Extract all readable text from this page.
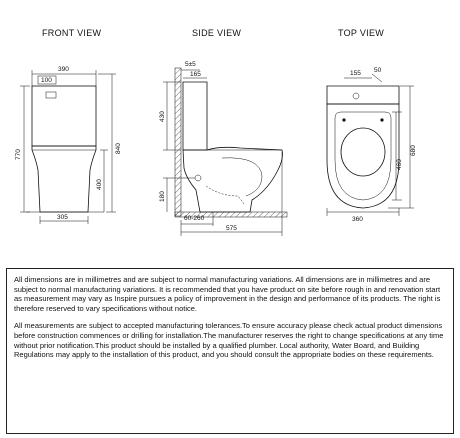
FRONT VIEW
390
100
770
840
400
305
SIDE VIEW
5±5
165
430
180
60-260
575
TOP VIEW
155 50
460
680
360

All dimensions are in millimetres and are subject to normal manufacturing variations. All dimensions are in millimetres and are subject to normal manufacturing variations. It is recommended that you have product on site before rough in and renovation start as measurement may vary as Inspire pursues a policy of improvement in the design and performance of its products. The right is therefore reserved to vary specifications without notice.

All measurements are subject to accepted manufacturing tolerances.To ensure accuracy please check actual product dimensions before construction commences or drilling for installation.The manufacturer reserves the right to change specifications at any time without prior notification.This product should be installed by a qualified plumber. Local authority, Water Board, and Building Regulations may apply to the installation of this product, and you should consult the appropriate bodies on these requirements.
